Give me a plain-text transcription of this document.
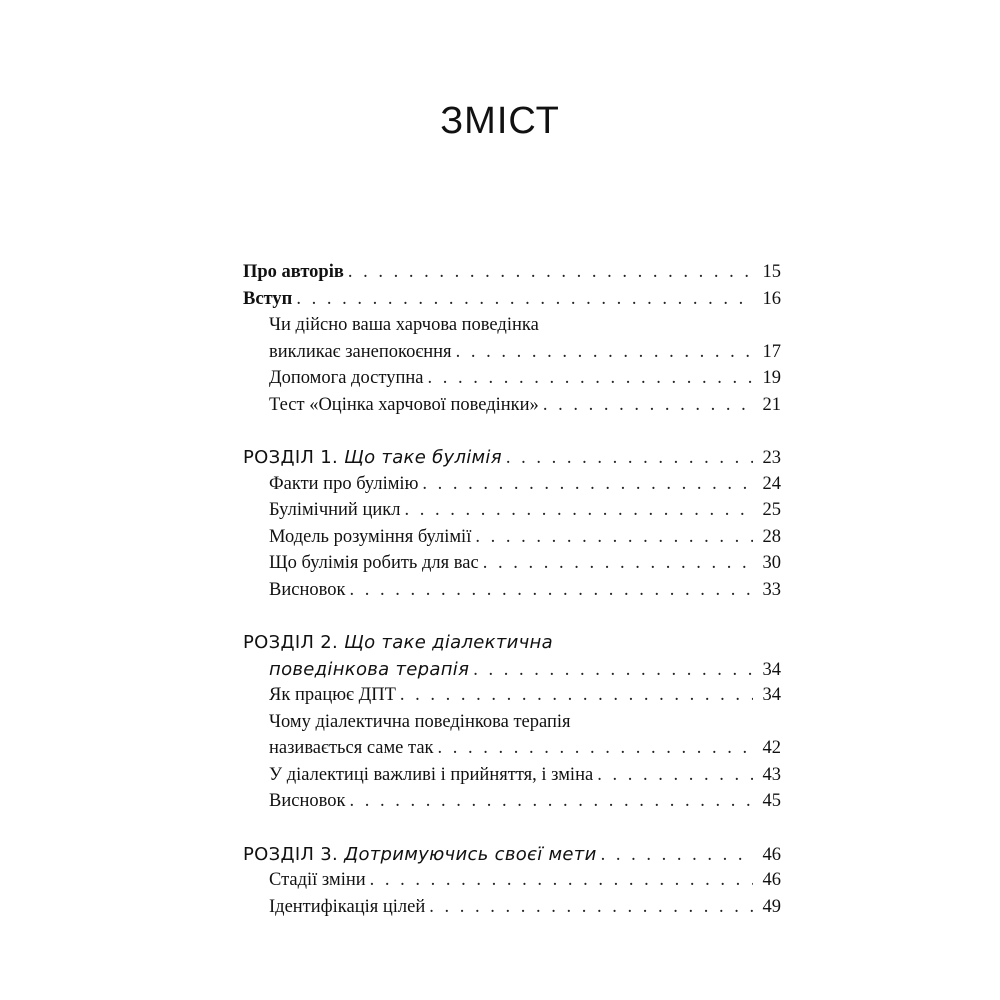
ЗМІСТ
Про авторів . . .	15
Вступ . . .	16
Чи дійсно ваша харчова поведінка
викликає занепокоєння . . .	17
Допомога доступна . . .	19
Тест «Оцінка харчової поведінки» . . .	21
РОЗДІЛ 1. Що таке булімія . . .	23
Факти про булімію . . .	24
Булімічний цикл . . .	25
Модель розуміння булімії . . .	28
Що булімія робить для вас . . .	30
Висновок . . .	33
РОЗДІЛ 2. Що таке діалектична
поведінкова терапія . . .	34
Як працює ДПТ . . .	34
Чому діалектична поведінкова терапія
називається саме так . . .	42
У діалектиці важливі і прийняття, і зміна . . .	43
Висновок . . .	45
РОЗДІЛ 3. Дотримуючись своєї мети . . .	46
Стадії зміни . . .	46
Ідентифікація цілей . . .	49
